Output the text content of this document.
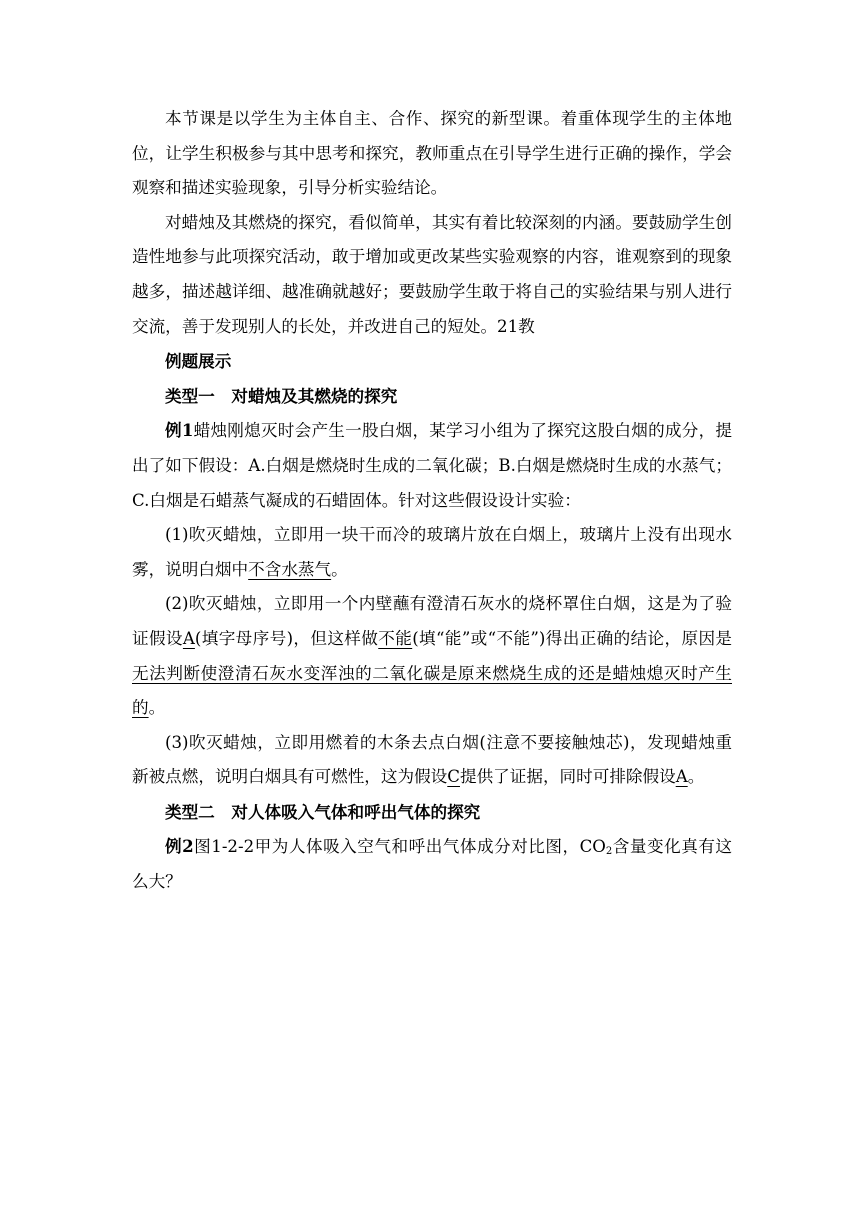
本节课是以学生为主体自主、合作、探究的新型课。着重体现学生的主体地位，让学生积极参与其中思考和探究，教师重点在引导学生进行正确的操作，学会观察和描述实验现象，引导分析实验结论。

对蜡烛及其燃烧的探究，看似简单，其实有着比较深刻的内涵。要鼓励学生创造性地参与此项探究活动，敢于增加或更改某些实验观察的内容，谁观察到的现象越多，描述越详细、越准确就越好；要鼓励学生敢于将自己的实验结果与别人进行交流，善于发现别人的长处，并改进自己的短处。21教

例题展示

类型一　对蜡烛及其燃烧的探究

例1蜡烛刚熄灭时会产生一股白烟，某学习小组为了探究这股白烟的成分，提出了如下假设：A.白烟是燃烧时生成的二氧化碳；B.白烟是燃烧时生成的水蒸气；C.白烟是石蜡蒸气凝成的石蜡固体。针对这些假设设计实验：

(1)吹灭蜡烛，立即用一块干而冷的玻璃片放在白烟上，玻璃片上没有出现水雾，说明白烟中不含水蒸气。

(2)吹灭蜡烛，立即用一个内壁蘸有澄清石灰水的烧杯罩住白烟，这是为了验证假设A(填字母序号)，但这样做不能(填“能”或“不能”)得出正确的结论，原因是无法判断使澄清石灰水变浑浊的二氧化碳是原来燃烧生成的还是蜡烛熄灭时产生的。

(3)吹灭蜡烛，立即用燃着的木条去点白烟(注意不要接触烛芯)，发现蜡烛重新被点燃，说明白烟具有可燃性，这为假设C提供了证据，同时可排除假设A。

类型二　对人体吸入气体和呼出气体的探究

例2图1-2-2甲为人体吸入空气和呼出气体成分对比图，$CO_2$含量变化真有这么大？
